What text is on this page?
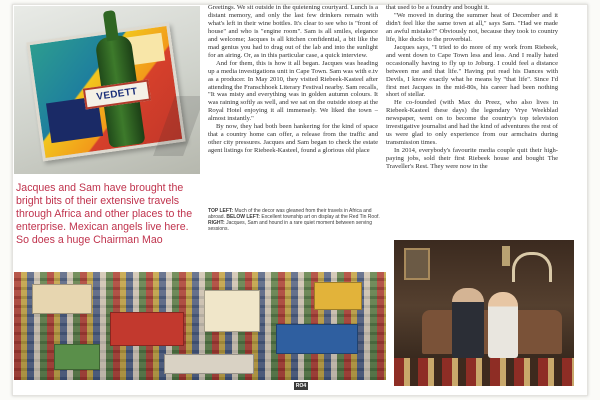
VEDETT
Jacques and Sam have brought the bright bits of their extensive travels through Africa and other places to the enterprise. Mexican angels live here. So does a huge Chairman Mao

Greetings. We sit outside in the quietening courtyard. Lunch is a distant memory, and only the last few drinkers remain with what's left in their wine bottles. It's clear to see who is "front of house" and who is "engine room". Sam is all smiles, elegance and welcome; Jacques is all kitchen confidential, a bit like the mad genius you had to drag out of the lab and into the sunlight for an airing. Or, as in this particular case, a quick interview.

And for them, this is how it all began. Jacques was heading up a media investigations unit in Cape Town. Sam was with e.tv as a producer. In May 2010, they visited Riebeek-Kasteel after attending the Franschhoek Literary Festival nearby. Sam recalls, "It was misty and everything was in golden autumn colours. It was raining softly as well, and we sat on the outside stoep at the Royal Hotel enjoying it all immensely. We liked the town – almost instantly."

By now, they had both been hankering for the kind of space that a country home can offer, a release from the traffic and other city pressures. Jacques and Sam began to check the estate agent listings for Riebeek-Kasteel, found a glorious old place

that used to be a foundry and bought it.

"We moved in during the summer heat of December and it didn't feel like the same town at all," says Sam. "Had we made an awful mistake?" Obviously not, because they took to country life, like ducks to the proverbial.

Jacques says, "I tried to do more of my work from Riebeek, and went down to Cape Town less and less. And I really hated occasionally having to fly up to Joburg. I could feel a distance between me and that life." Having put read his Dances with Devils, I know exactly what he means by "that life". Since I'd first met Jacques in the mid-80s, his career had been nothing short of stellar.

He co-founded (with Max du Preez, who also lives in Riebeek-Kasteel these days) the legendary Vrye Weekblad newspaper, went on to become the country's top television investigative journalist and had the kind of adventures the rest of us were glad to only experience from our armchairs during transmission times.

In 2014, everybody's favourite media couple quit their high-paying jobs, sold their first Riebeek house and bought The Traveller's Rest. They were now in the

TOP LEFT: Much of the decor was gleaned from their travels in Africa and abroad. BELOW LEFT: Excellent township art on display at the Red Tin Roof. RIGHT: Jacques, Sam and hound in a rare quiet moment between serving sessions.
RO4
